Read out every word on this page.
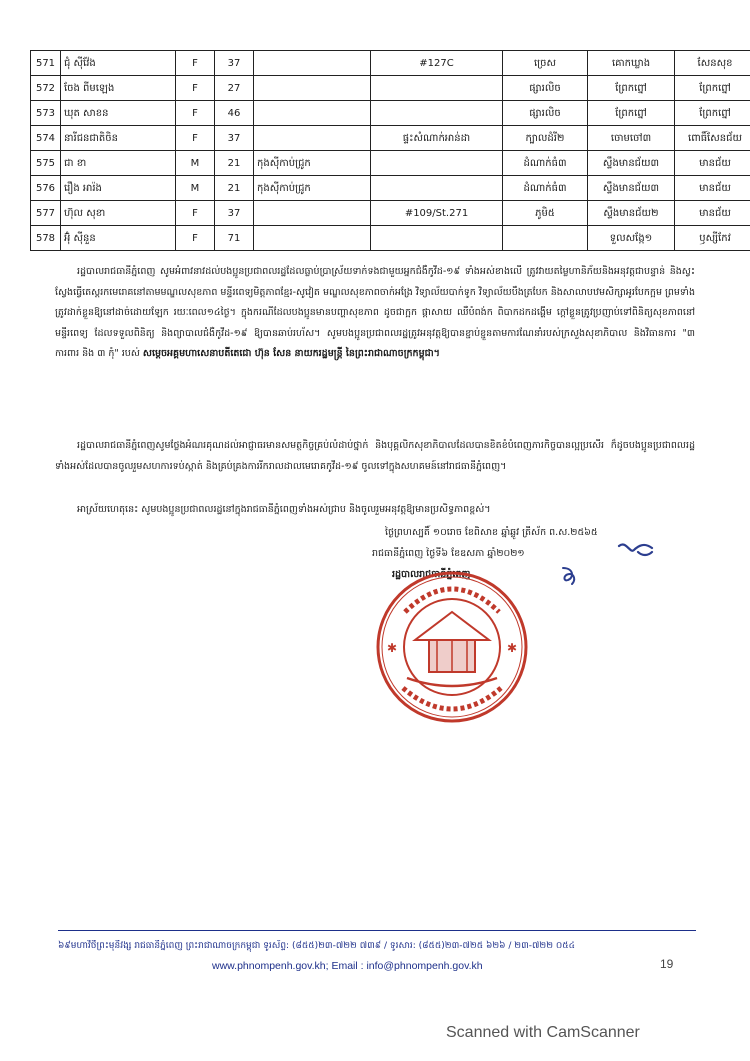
571	ជុំ ស៊ីវ៉ែង	F	37		#127C	ច្រេស	គោកឃ្លាង	សែនសុខ
572	ចែង ពីមឡេង	F	27			ផ្សារលិច	ព្រែកព្នៅ	ព្រែកព្នៅ
573	ឃុត សាខន	F	46			ផ្សារលិច	ព្រែកព្នៅ	ព្រែកព្នៅ
574	នារីជនជាតិចិន	F	37		ផ្ទះសំណាក់អាន់ដា	ក្បាលដំរី២	ចោមចៅ៣	ពោធិ៍សែនជ័យ
575	ជា ខា	M	21	កុងស៊ីកាប់ជ្រូក		ដំណាក់ធំ៣	ស្ទឹងមានជ័យ៣	មានជ័យ
576	រឿង អារ៉ង	M	21	កុងស៊ីកាប់ជ្រូក		ដំណាក់ធំ៣	ស្ទឹងមានជ័យ៣	មានជ័យ
577	ហ៊ុល សុខា	F	37		#109/St.271	ភូមិ៥	ស្ទឹងមានជ័យ២	មានជ័យ
578	អ៊ុំ ស៊ីនួន	F	71				ទួលសង្កែ១	ឫស្សីកែវ
រដ្ឋបាលរាជធានីភ្នំពេញ សូមអំពាវនាវដល់បងប្អូនប្រជាពលរដ្ឋដែលធ្លាប់ប្រាស្រ័យទាក់ទងជាមួយអ្នកជំងឺកូវីដ-១៩ ទាំងអស់ខាងលើ ត្រូវវាយតម្លៃហានិភ័យនិងអនុវត្តជាបន្ទាន់ និងស្វះស្វែងធ្វើតេស្តរកមេរោគនៅតាមមណ្ឌលសុខភាព មន្ទីរពេទ្យមិត្តភាពខ្មែរ-សូវៀត មណ្ឌលសុខភាពចាក់អង្រែ វិទ្យាល័យបាក់ទូក វិទ្យាល័យបឹងត្របែក និងសាលាបឋមសិក្សាអូរបែកក្អម ព្រមទាំងត្រូវដាក់ខ្លួនឱ្យនៅដាច់ដោយឡែក រយៈពេល១៤ថ្ងៃ។ ក្នុងករណីដែលបងប្អូនមានបញ្ហាសុខភាព ដូចជាក្អក ផ្តាសាយ ឈឺបំពង់ក ពិបាកដកដង្ហើម ក្តៅខ្លួនត្រូវប្រញាប់ទៅពិនិត្យសុខភាពនៅមន្ទីរពេទ្យ ដែលទទួលពិនិត្យ និងព្យាបាលជំងឺកូវីដ-១៩ ឱ្យបានឆាប់រហ័ស។ សូមបងប្អូនប្រជាពលរដ្ឋត្រូវអនុវត្តឱ្យបានខ្ជាប់ខ្ជួនតាមការណែនាំរបស់ក្រសួងសុខាភិបាល និងវិធានការ "៣ ការពារ និង ៣ កុំ" របស់ សម្តេចអគ្គមហាសេនាបតីតេជោ ហ៊ុន សែន នាយករដ្ឋមន្ត្រី នៃព្រះរាជាណាចក្រកម្ពុជា។
រដ្ឋបាលរាជធានីភ្នំពេញសូមថ្លែងអំណរគុណដល់អាជ្ញាធរមានសមត្ថកិច្ចគ្រប់លំដាប់ថ្នាក់ និងបុគ្គលិកសុខាភិបាលដែលបានខិតខំបំពេញភារកិច្ចបានល្អប្រសើរ ក៏ដូចបងប្អូនប្រជាពលរដ្ឋទាំងអស់ដែលបានចូលរួមសហការទប់ស្កាត់ និងគ្រប់គ្រងការរីករាលដាលមេរោគកូវីដ-១៩ ចូលទៅក្នុងសហគមន៍នៅរាជធានីភ្នំពេញ។
អាស្រ័យហេតុនេះ សូមបងប្អូនប្រជាពលរដ្ឋនៅក្នុងរាជធានីភ្នំពេញទាំងអស់ជ្រាប និងចូលរួមអនុវត្តឱ្យមានប្រសិទ្ធភាពខ្ពស់។
ថ្ងៃព្រហស្បតិ៍ ១០រោច ខែពិសាខ ឆ្នាំឆ្លូវ ត្រីស័ក ព.ស.២៥៦៥
រាជធានីភ្នំពេញ ថ្ងៃទី៦ ខែឧសភា ឆ្នាំ២០២១
រដ្ឋបាលរាជធានីភ្នំពេញ
✱	✱
៦៩មហាវិថីព្រះមុនីវង្ស រាជធានីភ្នំពេញ ព្រះរាជាណាចក្រកម្ពុជា ទូរស័ព្ទ: (៨៥៥)២៣-៧២២ ៧៣៩ / ទូរសារ: (៨៥៥)២៣-៧២៥ ៦២៦ / ២៣-៧២២ ០៥៤
www.phnompenh.gov.kh; Email : info@phnompenh.gov.kh	19
Scanned with CamScanner
